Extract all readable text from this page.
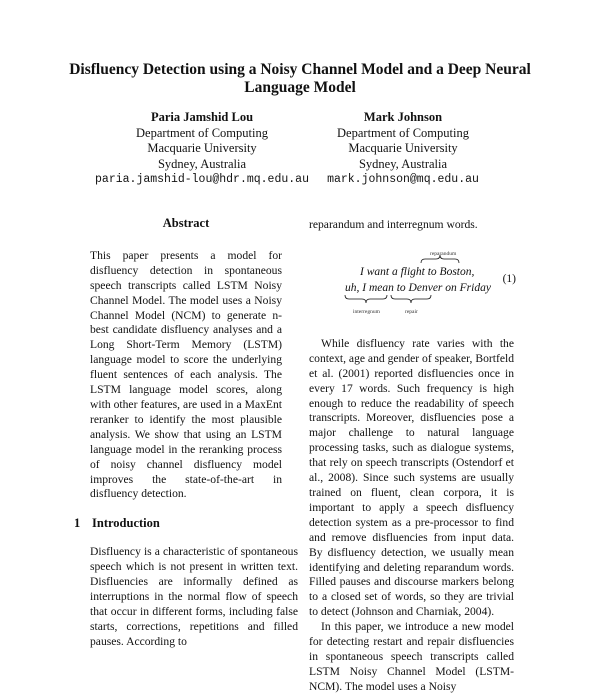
Disfluency Detection using a Noisy Channel Model and a Deep Neural Language Model
Paria Jamshid Lou
Department of Computing
Macquarie University
Sydney, Australia
paria.jamshid-lou@hdr.mq.edu.au
Mark Johnson
Department of Computing
Macquarie University
Sydney, Australia
mark.johnson@mq.edu.au
Abstract

This paper presents a model for disfluency detection in spontaneous speech transcripts called LSTM Noisy Channel Model. The model uses a Noisy Channel Model (NCM) to generate n-best candidate disfluency analyses and a Long Short-Term Memory (LSTM) language model to score the underlying fluent sentences of each analysis. The LSTM language model scores, along with other features, are used in a MaxEnt reranker to identify the most plausible analysis. We show that using an LSTM language model in the reranking process of noisy channel disfluency model improves the state-of-the-art in disfluency detection.

1 Introduction

Disfluency is a characteristic of spontaneous speech which is not present in written text. Disfluencies are informally defined as interruptions in the normal flow of speech that occur in different forms, including false starts, corrections, repetitions and filled pauses. According to

reparandum and interregnum words.

reparandum
I want a flight to Boston,
uh, I mean to Denver on Friday
(1)
interregnum	repair

While disfluency rate varies with the context, age and gender of speaker, Bortfeld et al. (2001) reported disfluencies once in every 17 words. Such frequency is high enough to reduce the readability of speech transcripts. Moreover, disfluencies pose a major challenge to natural language processing tasks, such as dialogue systems, that rely on speech transcripts (Ostendorf et al., 2008). Since such systems are usually trained on fluent, clean corpora, it is important to apply a speech disfluency detection system as a pre-processor to find and remove disfluencies from input data. By disfluency detection, we usually mean identifying and deleting reparandum words. Filled pauses and discourse markers belong to a closed set of words, so they are trivial to detect (Johnson and Charniak, 2004).

In this paper, we introduce a new model for detecting restart and repair disfluencies in spontaneous speech transcripts called LSTM Noisy Channel Model (LSTM-NCM). The model uses a Noisy
